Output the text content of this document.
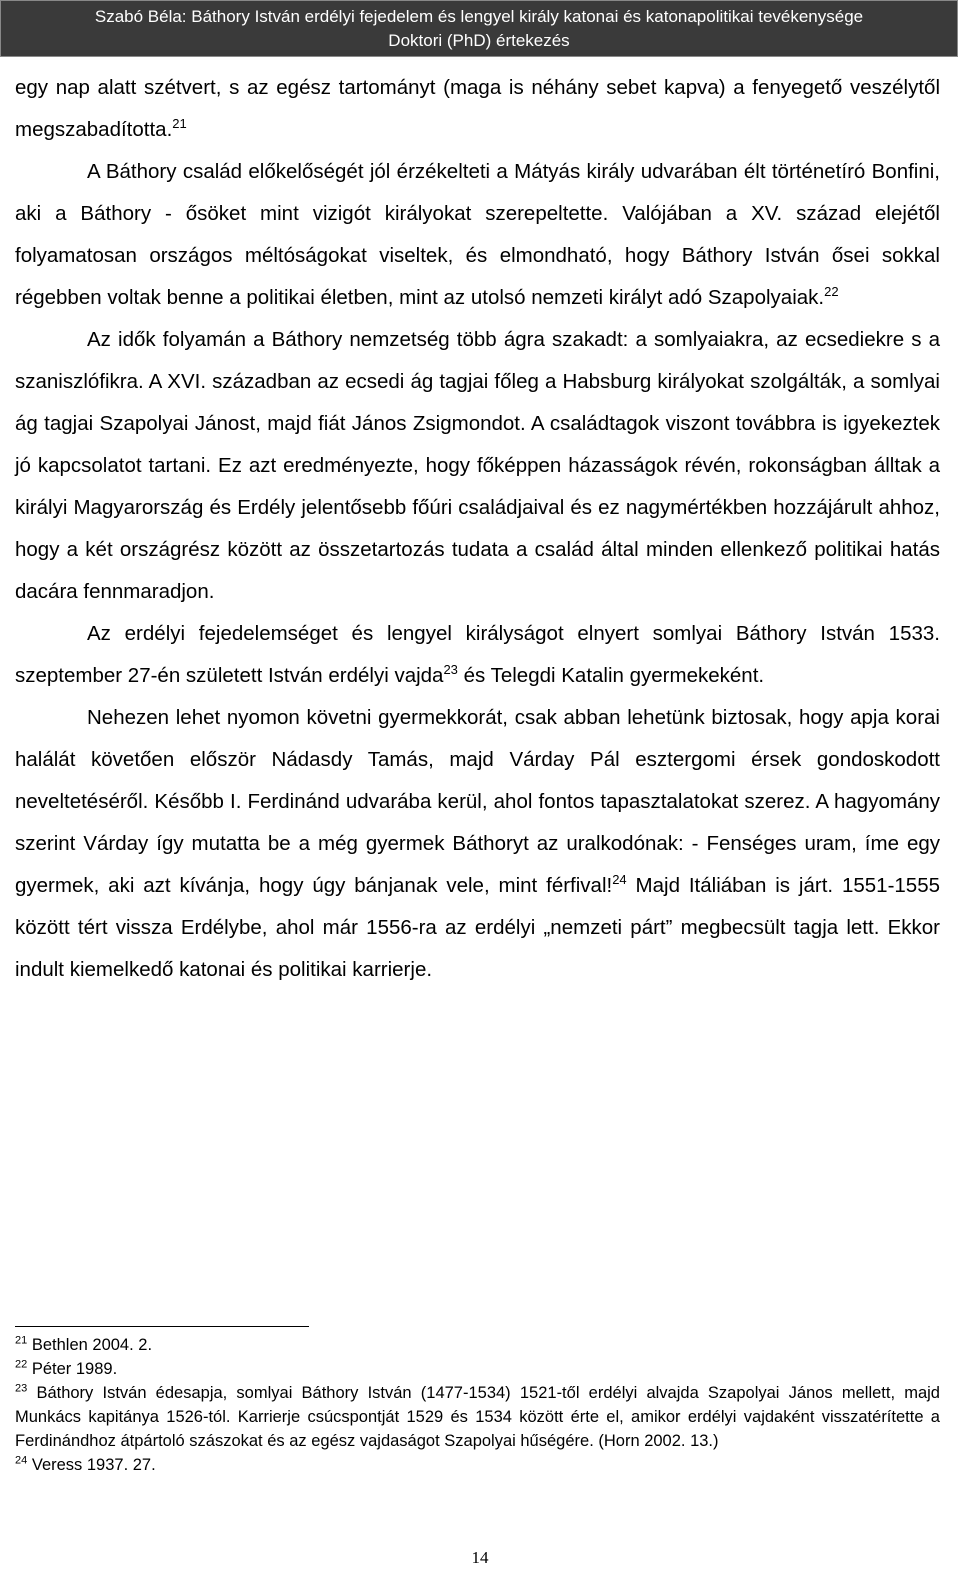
Szabó Béla: Báthory István erdélyi fejedelem és lengyel király katonai és katonapolitikai tevékenysége
Doktori (PhD) értekezés

egy nap alatt szétvert, s az egész tartományt (maga is néhány sebet kapva) a fenyegető veszélytől megszabadította.$^{21}$

A Báthory család előkelőségét jól érzékelteti a Mátyás király udvarában élt történetíró Bonfini, aki a Báthory - ősöket mint vizigót királyokat szerepeltette. Valójában a XV. század elejétől folyamatosan országos méltóságokat viseltek, és elmondható, hogy Báthory István ősei sokkal régebben voltak benne a politikai életben, mint az utolsó nemzeti királyt adó Szapolyaiak.$^{22}$

Az idők folyamán a Báthory nemzetség több ágra szakadt: a somlyaiakra, az ecsediekre s a szaniszlófikra. A XVI. században az ecsedi ág tagjai főleg a Habsburg királyokat szolgálták, a somlyai ág tagjai Szapolyai Jánost, majd fiát János Zsigmondot. A családtagok viszont továbbra is igyekeztek jó kapcsolatot tartani. Ez azt eredményezte, hogy főképpen házasságok révén, rokonságban álltak a királyi Magyarország és Erdély jelentősebb főúri családjaival és ez nagymértékben hozzájárult ahhoz, hogy a két országrész között az összetartozás tudata a család által minden ellenkező politikai hatás dacára fennmaradjon.

Az erdélyi fejedelemséget és lengyel királyságot elnyert somlyai Báthory István 1533. szeptember 27-én született István erdélyi vajda$^{23}$ és Telegdi Katalin gyermekeként.

Nehezen lehet nyomon követni gyermekkorát, csak abban lehetünk biztosak, hogy apja korai halálát követően először Nádasdy Tamás, majd Várday Pál esztergomi érsek gondoskodott neveltetéséről. Később I. Ferdinánd udvarába kerül, ahol fontos tapasztalatokat szerez. A hagyomány szerint Várday így mutatta be a még gyermek Báthoryt az uralkodónak: - Fenséges uram, íme egy gyermek, aki azt kívánja, hogy úgy bánjanak vele, mint férfival!$^{24}$ Majd Itáliában is járt. 1551-1555 között tért vissza Erdélybe, ahol már 1556-ra az erdélyi „nemzeti párt” megbecsült tagja lett. Ekkor indult kiemelkedő katonai és politikai karrierje.

$^{21}$ Bethlen 2004. 2.

$^{22}$ Péter 1989.

$^{23}$ Báthory István édesapja, somlyai Báthory István (1477-1534) 1521-től erdélyi alvajda Szapolyai János mellett, majd Munkács kapitánya 1526-tól. Karrierje csúcspontját 1529 és 1534 között érte el, amikor erdélyi vajdaként visszatérítette a Ferdinándhoz átpártoló szászokat és az egész vajdaságot Szapolyai hűségére. (Horn 2002. 13.)

$^{24}$ Veress 1937. 27.

14
